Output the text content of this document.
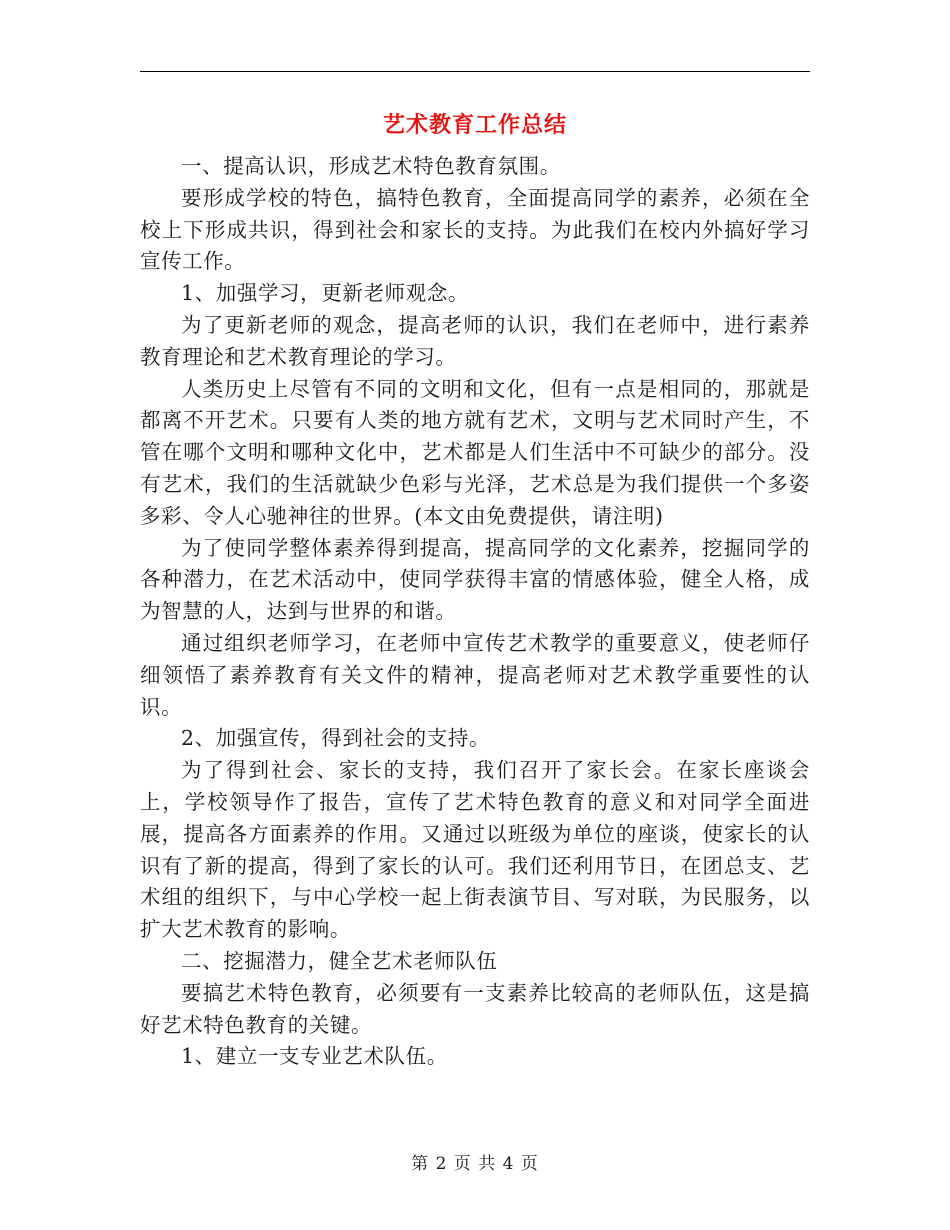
艺术教育工作总结

一、提高认识，形成艺术特色教育氛围。

要形成学校的特色，搞特色教育，全面提高同学的素养，必须在全校上下形成共识，得到社会和家长的支持。为此我们在校内外搞好学习宣传工作。

1、加强学习，更新老师观念。

为了更新老师的观念，提高老师的认识，我们在老师中，进行素养教育理论和艺术教育理论的学习。

人类历史上尽管有不同的文明和文化，但有一点是相同的，那就是都离不开艺术。只要有人类的地方就有艺术，文明与艺术同时产生，不管在哪个文明和哪种文化中，艺术都是人们生活中不可缺少的部分。没有艺术，我们的生活就缺少色彩与光泽，艺术总是为我们提供一个多姿多彩、令人心驰神往的世界。(本文由免费提供，请注明)

为了使同学整体素养得到提高，提高同学的文化素养，挖掘同学的各种潜力，在艺术活动中，使同学获得丰富的情感体验，健全人格，成为智慧的人，达到与世界的和谐。

通过组织老师学习，在老师中宣传艺术教学的重要意义，使老师仔细领悟了素养教育有关文件的精神，提高老师对艺术教学重要性的认识。

2、加强宣传，得到社会的支持。

为了得到社会、家长的支持，我们召开了家长会。在家长座谈会上，学校领导作了报告，宣传了艺术特色教育的意义和对同学全面进展，提高各方面素养的作用。又通过以班级为单位的座谈，使家长的认识有了新的提高，得到了家长的认可。我们还利用节日，在团总支、艺术组的组织下，与中心学校一起上街表演节目、写对联，为民服务，以扩大艺术教育的影响。

二、挖掘潜力，健全艺术老师队伍

要搞艺术特色教育，必须要有一支素养比较高的老师队伍，这是搞好艺术特色教育的关键。

1、建立一支专业艺术队伍。

第 2 页 共 4 页
